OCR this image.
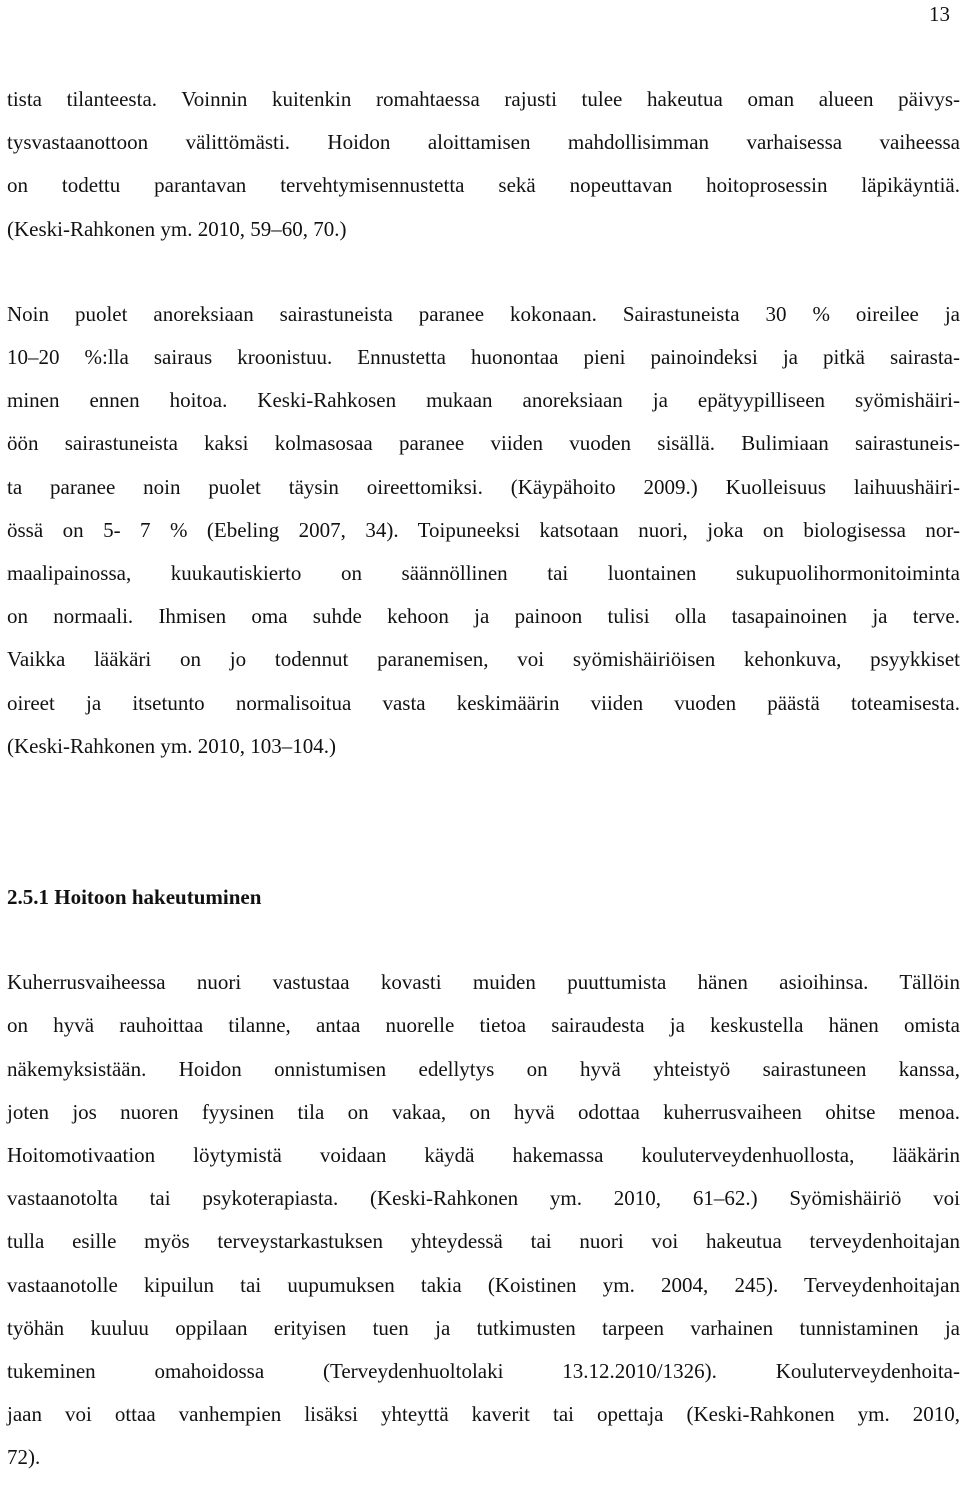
13

tista tilanteesta. Voinnin kuitenkin romahtaessa rajusti tulee hakeutua oman alueen päivys-
tysvastaanottoon välittömästi. Hoidon aloittamisen mahdollisimman varhaisessa vaiheessa
on todettu parantavan tervehtymisennustetta sekä nopeuttavan hoitoprosessin läpikäyntiä.
(Keski-Rahkonen ym. 2010, 59–60, 70.)

Noin puolet anoreksiaan sairastuneista paranee kokonaan. Sairastuneista 30 % oireilee ja
10–20 %:lla sairaus kroonistuu. Ennustetta huonontaa pieni painoindeksi ja pitkä sairasta-
minen ennen hoitoa. Keski-Rahkosen mukaan anoreksiaan ja epätyypilliseen syömishäiri-
öön sairastuneista kaksi kolmasosaa paranee viiden vuoden sisällä. Bulimiaan sairastuneis-
ta paranee noin puolet täysin oireettomiksi. (Käypähoito 2009.) Kuolleisuus laihuushäiri-
össä on 5- 7 % (Ebeling 2007, 34). Toipuneeksi katsotaan nuori, joka on biologisessa nor-
maalipainossa, kuukautiskierto on säännöllinen tai luontainen sukupuolihormonitoiminta
on normaali. Ihmisen oma suhde kehoon ja painoon tulisi olla tasapainoinen ja terve.
Vaikka lääkäri on jo todennut paranemisen, voi syömishäiriöisen kehonkuva, psyykkiset
oireet ja itsetunto normalisoitua vasta keskimäärin viiden vuoden päästä toteamisesta.
(Keski-Rahkonen ym. 2010, 103–104.)

2.5.1 Hoitoon hakeutuminen

Kuherrusvaiheessa nuori vastustaa kovasti muiden puuttumista hänen asioihinsa. Tällöin
on hyvä rauhoittaa tilanne, antaa nuorelle tietoa sairaudesta ja keskustella hänen omista
näkemyksistään. Hoidon onnistumisen edellytys on hyvä yhteistyö sairastuneen kanssa,
joten jos nuoren fyysinen tila on vakaa, on hyvä odottaa kuherrusvaiheen ohitse menoa.
Hoitomotivaation löytymistä voidaan käydä hakemassa kouluterveydenhuollosta, lääkärin
vastaanotolta tai psykoterapiasta. (Keski-Rahkonen ym. 2010, 61–62.) Syömishäiriö voi
tulla esille myös terveystarkastuksen yhteydessä tai nuori voi hakeutua terveydenhoitajan
vastaanotolle kipuilun tai uupumuksen takia (Koistinen ym. 2004, 245). Terveydenhoitajan
työhän kuuluu oppilaan erityisen tuen ja tutkimusten tarpeen varhainen tunnistaminen ja
tukeminen omahoidossa (Terveydenhuoltolaki 13.12.2010/1326). Kouluterveydenhoita-
jaan voi ottaa vanhempien lisäksi yhteyttä kaverit tai opettaja (Keski-Rahkonen ym. 2010,
72).
